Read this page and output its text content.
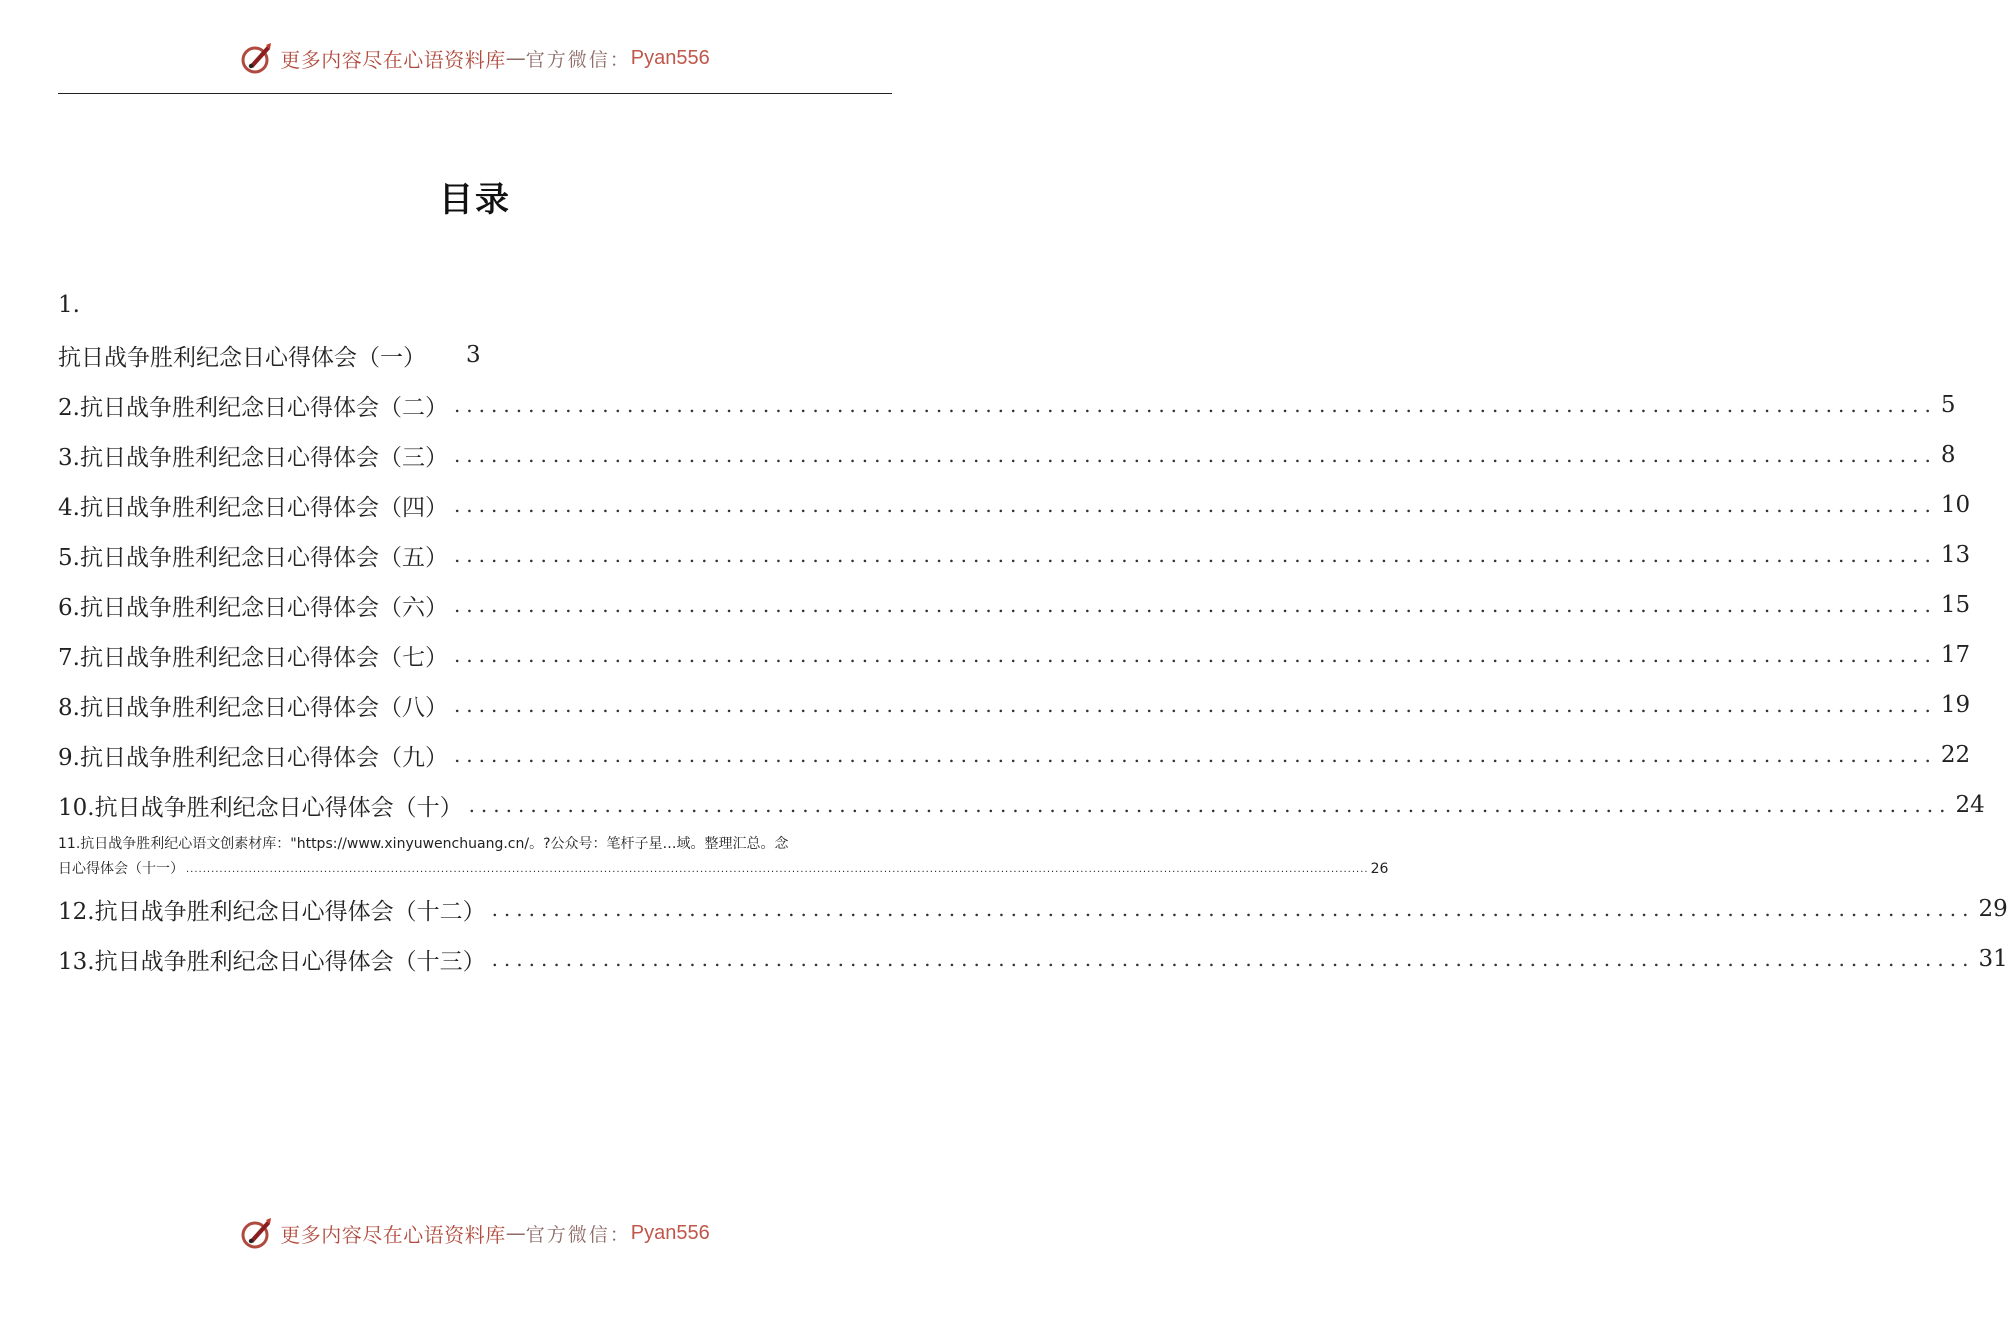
更多内容尽在心语资料库 — 官方微信： Pyan556
目录
1.
抗日战争胜利纪念日心得体会（一） 3
2.抗日战争胜利纪念日心得体会（二） ........................................................................................................................ 5
3.抗日战争胜利纪念日心得体会（三） ........................................................................................................................ 8
4.抗日战争胜利纪念日心得体会（四） ........................................................................................................................ 10
5.抗日战争胜利纪念日心得体会（五） ........................................................................................................................ 13
6.抗日战争胜利纪念日心得体会（六） ........................................................................................................................ 15
7.抗日战争胜利纪念日心得体会（七） ........................................................................................................................ 17
8.抗日战争胜利纪念日心得体会（八） ........................................................................................................................ 19
9.抗日战争胜利纪念日心得体会（九） ........................................................................................................................ 22
10.抗日战争胜利纪念日心得体会（十） ........................................................................................................................ 24
11.抗日战争胜利纪心语文创素材库："https://www.xinyuwenchuang.cn/。?公众号：笔杆子星…域。整理汇总。念
日心得体会（十一） ........................................................................................................................................................................................................................................................................................... 26
12.抗日战争胜利纪念日心得体会（十二） ........................................................................................................................ 29
13.抗日战争胜利纪念日心得体会（十三） ........................................................................................................................ 31
更多内容尽在心语资料库 — 官方微信： Pyan556
